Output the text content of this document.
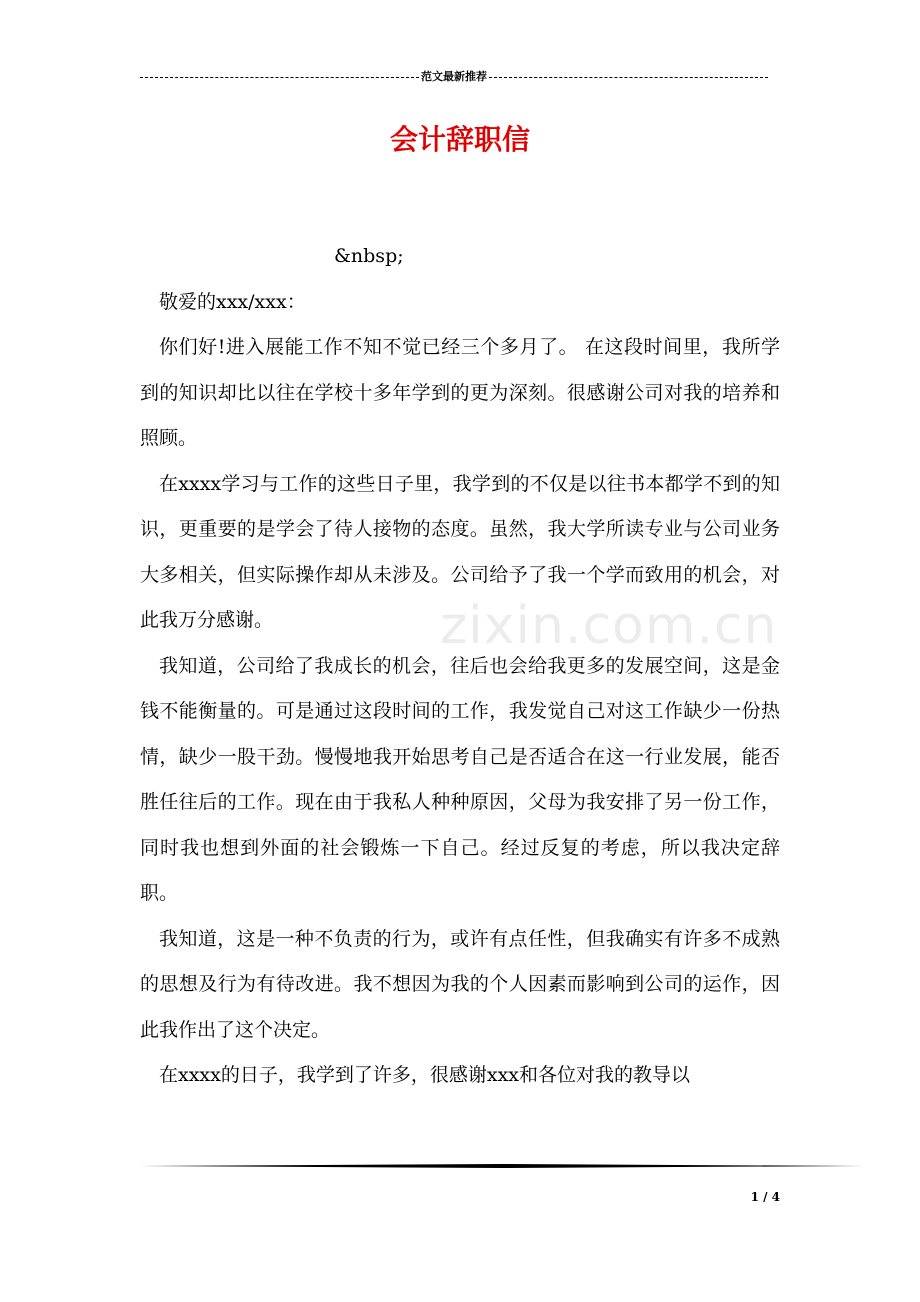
范文最新推荐
会计辞职信

&nbsp;

敬爱的xxx/xxx：

你们好!进入展能工作不知不觉已经三个多月了。 在这段时间里，我所学到的知识却比以往在学校十多年学到的更为深刻。很感谢公司对我的培养和照顾。

在xxxx学习与工作的这些日子里，我学到的不仅是以往书本都学不到的知识，更重要的是学会了待人接物的态度。虽然，我大学所读专业与公司业务大多相关，但实际操作却从未涉及。公司给予了我一个学而致用的机会，对此我万分感谢。

我知道，公司给了我成长的机会，往后也会给我更多的发展空间，这是金钱不能衡量的。可是通过这段时间的工作，我发觉自己对这工作缺少一份热情，缺少一股干劲。慢慢地我开始思考自己是否适合在这一行业发展，能否胜任往后的工作。现在由于我私人种种原因，父母为我安排了另一份工作，同时我也想到外面的社会锻炼一下自己。经过反复的考虑，所以我决定辞职。

我知道，这是一种不负责的行为，或许有点任性，但我确实有许多不成熟的思想及行为有待改进。我不想因为我的个人因素而影响到公司的运作，因此我作出了这个决定。

在xxxx的日子，我学到了许多，很感谢xxx和各位对我的教导以

zixin.com.cn
1 / 4
